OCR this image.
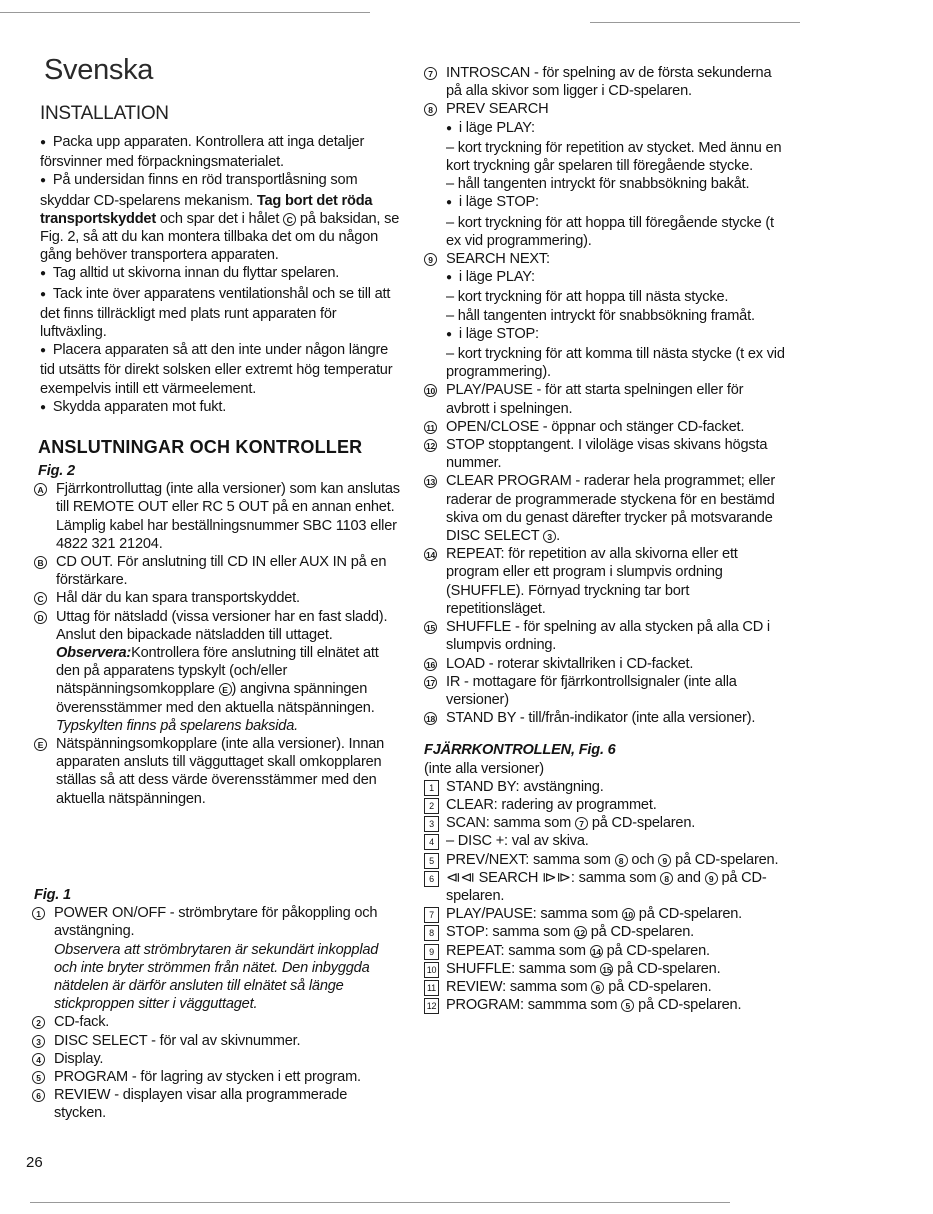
Svenska
INSTALLATION

● Packa upp apparaten. Kontrollera att inga detaljer försvinner med förpackningsmaterialet.

● På undersidan finns en röd transportlåsning som skyddar CD-spelarens mekanism. Tag bort det röda transportskyddet och spar det i hålet C på baksidan, se Fig. 2, så att du kan montera tillbaka det om du någon gång behöver transportera apparaten.

● Tag alltid ut skivorna innan du flyttar spelaren.

● Tack inte över apparatens ventilationshål och se till att det finns tillräckligt med plats runt apparaten för luftväxling.

● Placera apparaten så att den inte under någon längre tid utsätts för direkt solsken eller extremt hög temperatur exempelvis intill ett värmeelement.

● Skydda apparaten mot fukt.

ANSLUTNINGAR OCH KONTROLLER
Fig. 2
A Fjärrkontrolluttag (inte alla versioner) som kan anslutas till REMOTE OUT eller RC 5 OUT på en annan enhet. Lämplig kabel har beställningsnummer SBC 1103 eller 4822 321 21204.
B CD OUT. För anslutning till CD IN eller AUX IN på en förstärkare.
C Hål där du kan spara transportskyddet.
D Uttag för nätsladd (vissa versioner har en fast sladd). Anslut den bipackade nätsladden till uttaget.

Observera:Kontrollera före anslutning till elnätet att den på apparatens typskylt (och/eller nätspänningsomkopplare E ) angivna spänningen överensstämmer med den aktuella nätspänningen.

Typskylten finns på spelarens baksida.

E Nätspänningsomkopplare (inte alla versioner). Innan apparaten ansluts till vägguttaget skall omkopplaren ställas så att dess värde överensstämmer med den aktuella nätspänningen.
Fig. 1
1 POWER ON/OFF - strömbrytare för påkoppling och avstängning.

Observera att strömbrytaren är sekundärt inkopplad och inte bryter strömmen från nätet. Den inbyggda nätdelen är därför ansluten till elnätet så länge stickproppen sitter i vägguttaget.

2 CD-fack.
3 DISC SELECT - för val av skivnummer.
4 Display.
5 PROGRAM - för lagring av stycken i ett program.
6 REVIEW - displayen visar alla programmerade stycken.
26
7 INTROSCAN - för spelning av de första sekunderna på alla skivor som ligger i CD-spelaren.
8 PREV SEARCH

● i läge PLAY:

– kort tryckning för repetition av stycket. Med ännu en kort tryckning går spelaren till föregående stycke.

– håll tangenten intryckt för snabbsökning bakåt.

● i läge STOP:

– kort tryckning för att hoppa till föregående stycke (t ex vid programmering).

9 SEARCH NEXT:

● i läge PLAY:

– kort tryckning för att hoppa till nästa stycke.

– håll tangenten intryckt för snabbsökning framåt.

● i läge STOP:

– kort tryckning för att komma till nästa stycke (t ex vid programmering).

10 PLAY/PAUSE - för att starta spelningen eller för avbrott i spelningen.
11 OPEN/CLOSE - öppnar och stänger CD-facket.
12 STOP stopptangent. I viloläge visas skivans högsta nummer.
13 CLEAR PROGRAM - raderar hela programmet; eller raderar de programmerade styckena för en bestämd skiva om du genast därefter trycker på motsvarande DISC SELECT 3 .
14 REPEAT: för repetition av alla skivorna eller ett program eller ett program i slumpvis ordning (SHUFFLE). Förnyad tryckning tar bort repetitionsläget.
15 SHUFFLE - för spelning av alla stycken på alla CD i slumpvis ordning.
16 LOAD - roterar skivtallriken i CD-facket.
17 IR - mottagare för fjärrkontrollsignaler (inte alla versioner)
18 STAND BY - till/från-indikator (inte alla versioner).
FJÄRRKONTROLLEN, Fig. 6

(inte alla versioner)

1 STAND BY: avstängning.
2 CLEAR: radering av programmet.
3 SCAN: samma som 7 på CD-spelaren.
4 – DISC +: val av skiva.
5 PREV/NEXT: samma som 8 och 9 på CD-spelaren.
6 ⧏⧏ SEARCH ⧐⧐: samma som 8 and 9 på CD-spelaren.
7 PLAY/PAUSE: samma som 10 på CD-spelaren.
8 STOP: samma som 12 på CD-spelaren.
9 REPEAT: samma som 14 på CD-spelaren.
10 SHUFFLE: samma som 15 på CD-spelaren.
11 REVIEW: samma som 6 på CD-spelaren.
12 PROGRAM: sammma som 5 på CD-spelaren.
